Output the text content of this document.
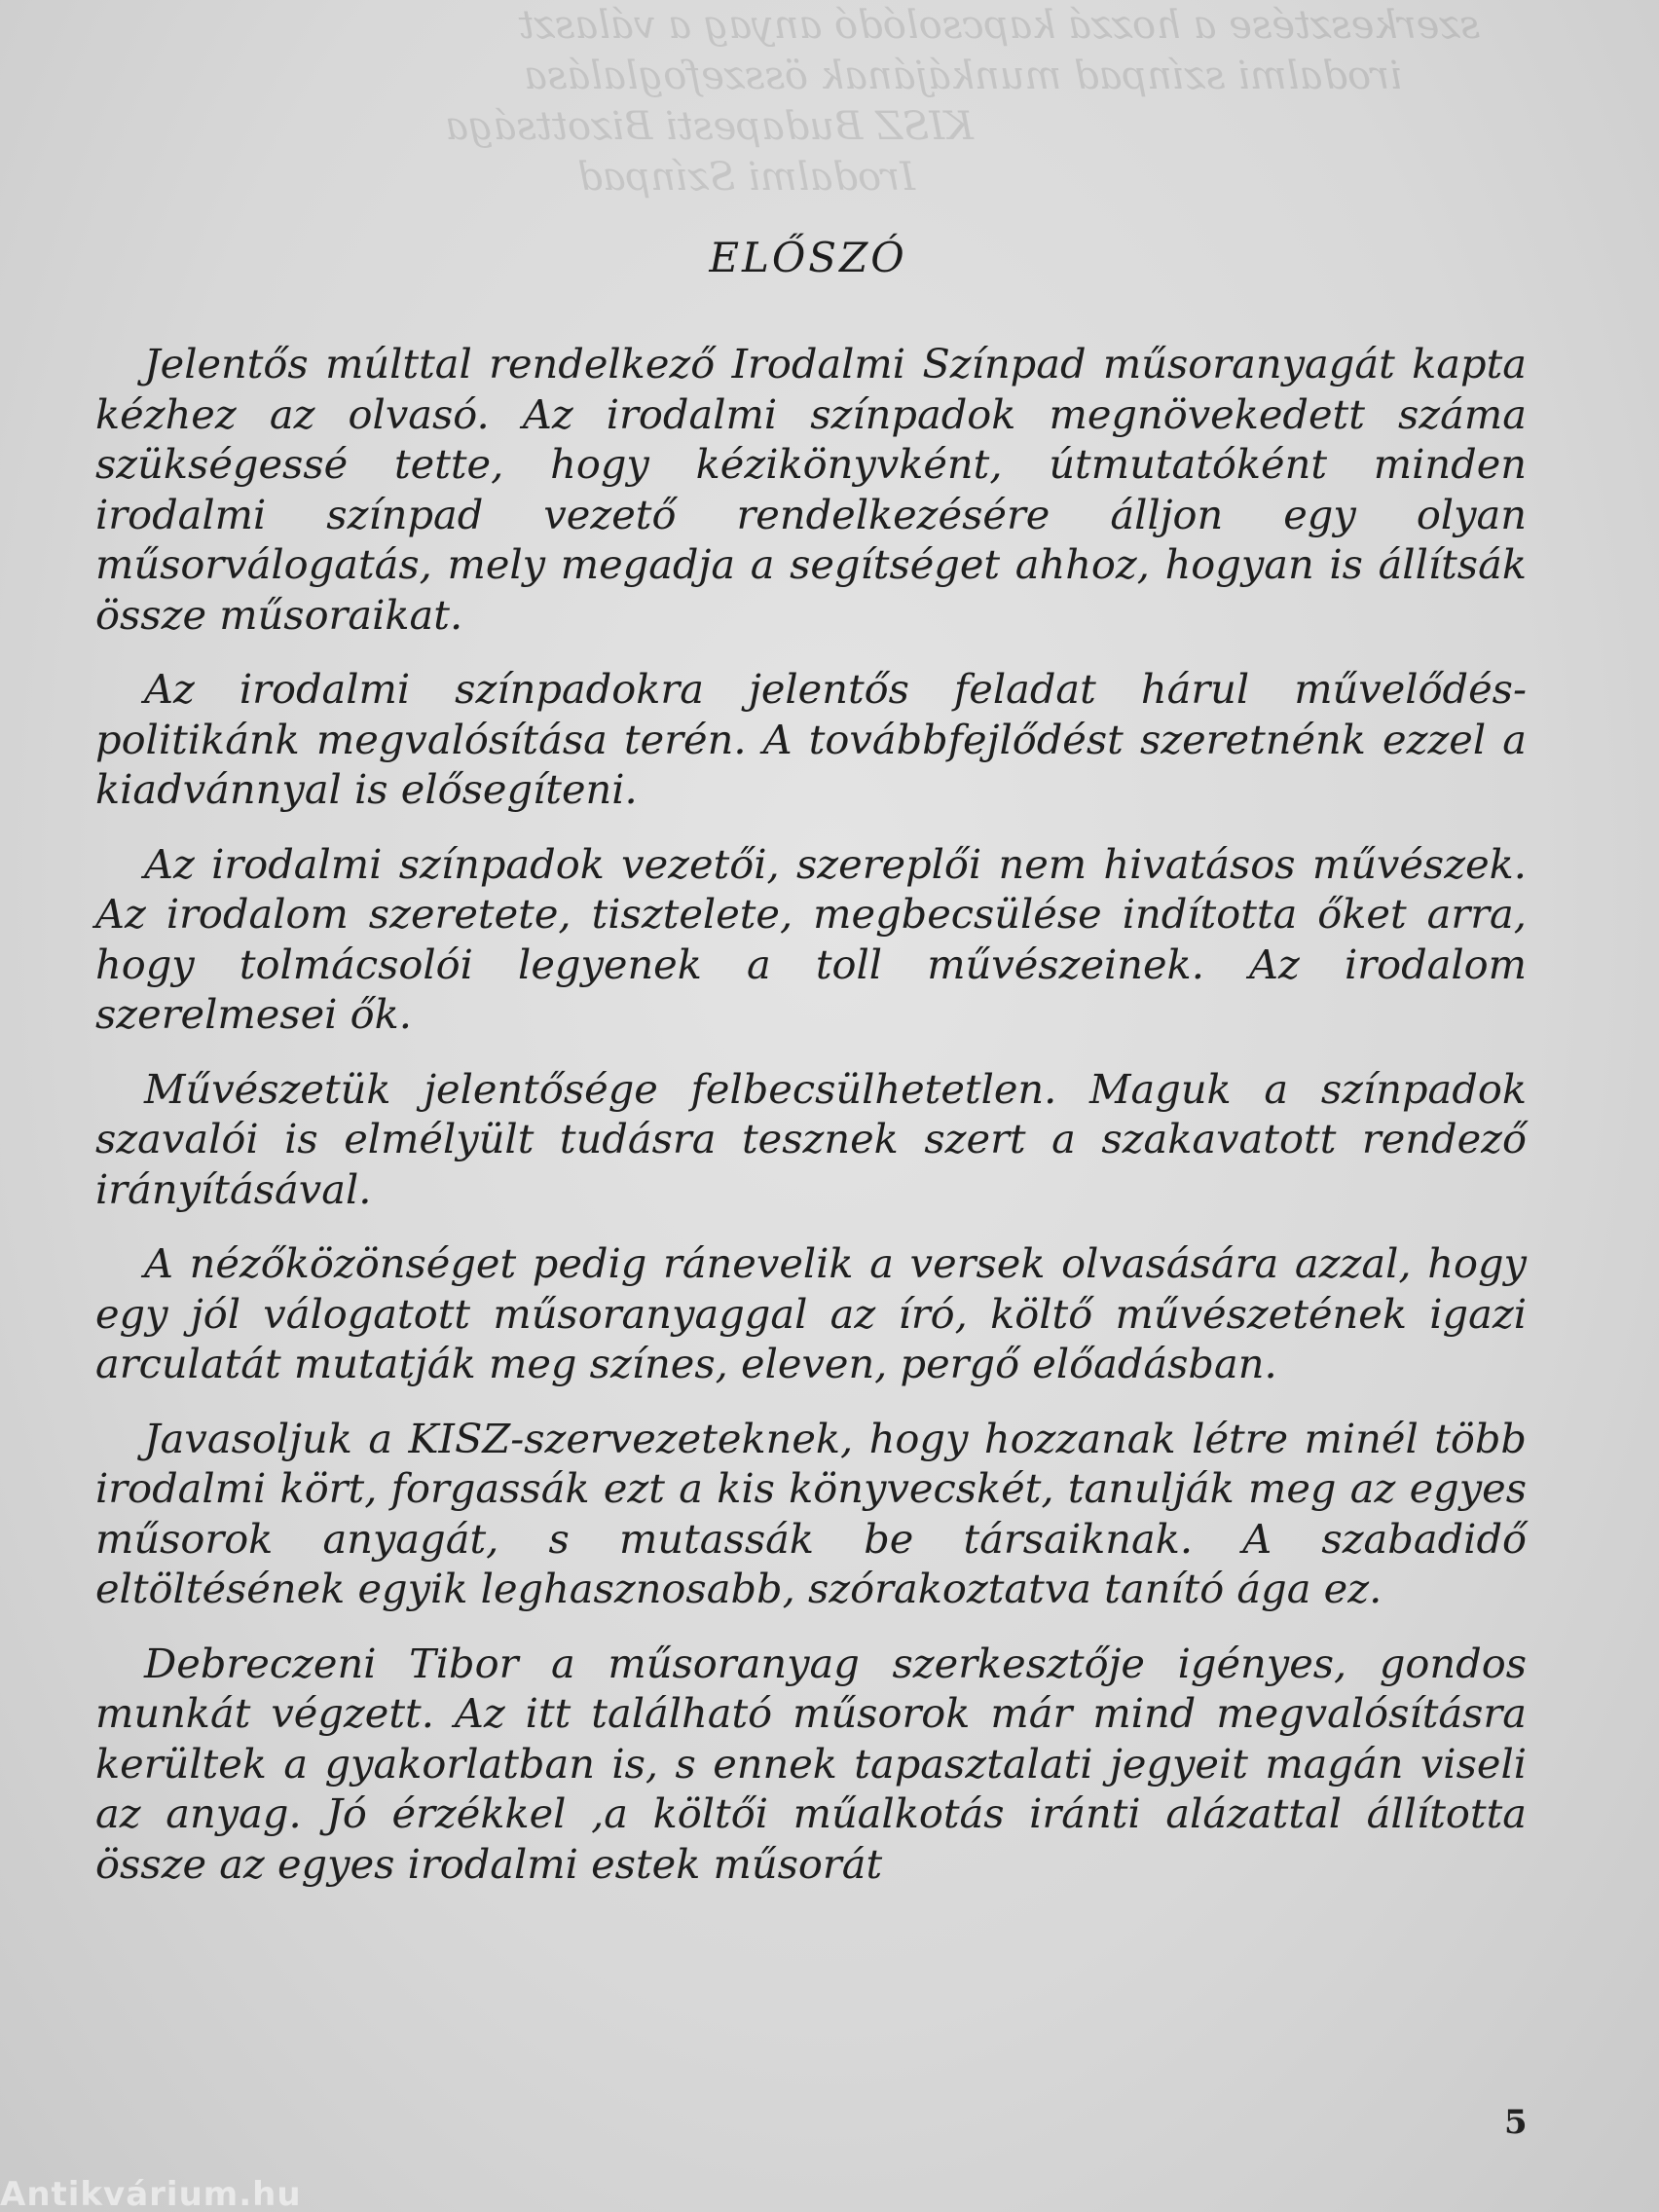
szerkesztése a hozzá kapcsolódó anyag a választ
irodalmi színpad munkájának összefoglalása
KISZ Budapesti Bizottsága
Irodalmi Színpad
ELŐSZÓ

Jelentős múlttal rendelkező Irodalmi Színpad műsoranyagát kapta kézhez az olvasó. Az irodalmi színpadok megnövekedett száma szükségessé tette, hogy kézikönyvként, útmutatóként minden irodalmi színpad vezető rendelkezésére álljon egy olyan műsorválogatás, mely megadja a segítséget ahhoz, hogyan is állítsák össze műsoraikat.

Az irodalmi színpadokra jelentős feladat hárul művelődés-politikánk megvalósítása terén. A továbbfejlődést szeretnénk ezzel a kiadvánnyal is elősegíteni.

Az irodalmi színpadok vezetői, szereplői nem hivatásos művészek. Az irodalom szeretete, tisztelete, megbecsülése indította őket arra, hogy tolmácsolói legyenek a toll művészeinek. Az irodalom szerelmesei ők.

Művészetük jelentősége felbecsülhetetlen. Maguk a színpadok szavalói is elmélyült tudásra tesznek szert a szakavatott rendező irányításával.

A nézőközönséget pedig ránevelik a versek olvasására azzal, hogy egy jól válogatott műsoranyaggal az író, költő művészetének igazi arculatát mutatják meg színes, eleven, pergő előadásban.

Javasoljuk a KISZ-szervezeteknek, hogy hozzanak létre minél több irodalmi kört, forgassák ezt a kis könyvecskét, tanulják meg az egyes műsorok anyagát, s mutassák be társaiknak. A szabadidő eltöltésének egyik leghasznosabb, szórakoztatva tanító ága ez.

Debreczeni Tibor a műsoranyag szerkesztője igényes, gondos munkát végzett. Az itt található műsorok már mind megvalósításra kerültek a gyakorlatban is, s ennek tapasztalati jegyeit magán viseli az anyag. Jó érzékkel ,a költői műalkotás iránti alázattal állította össze az egyes irodalmi estek műsorát

5
Antikvárium.hu
